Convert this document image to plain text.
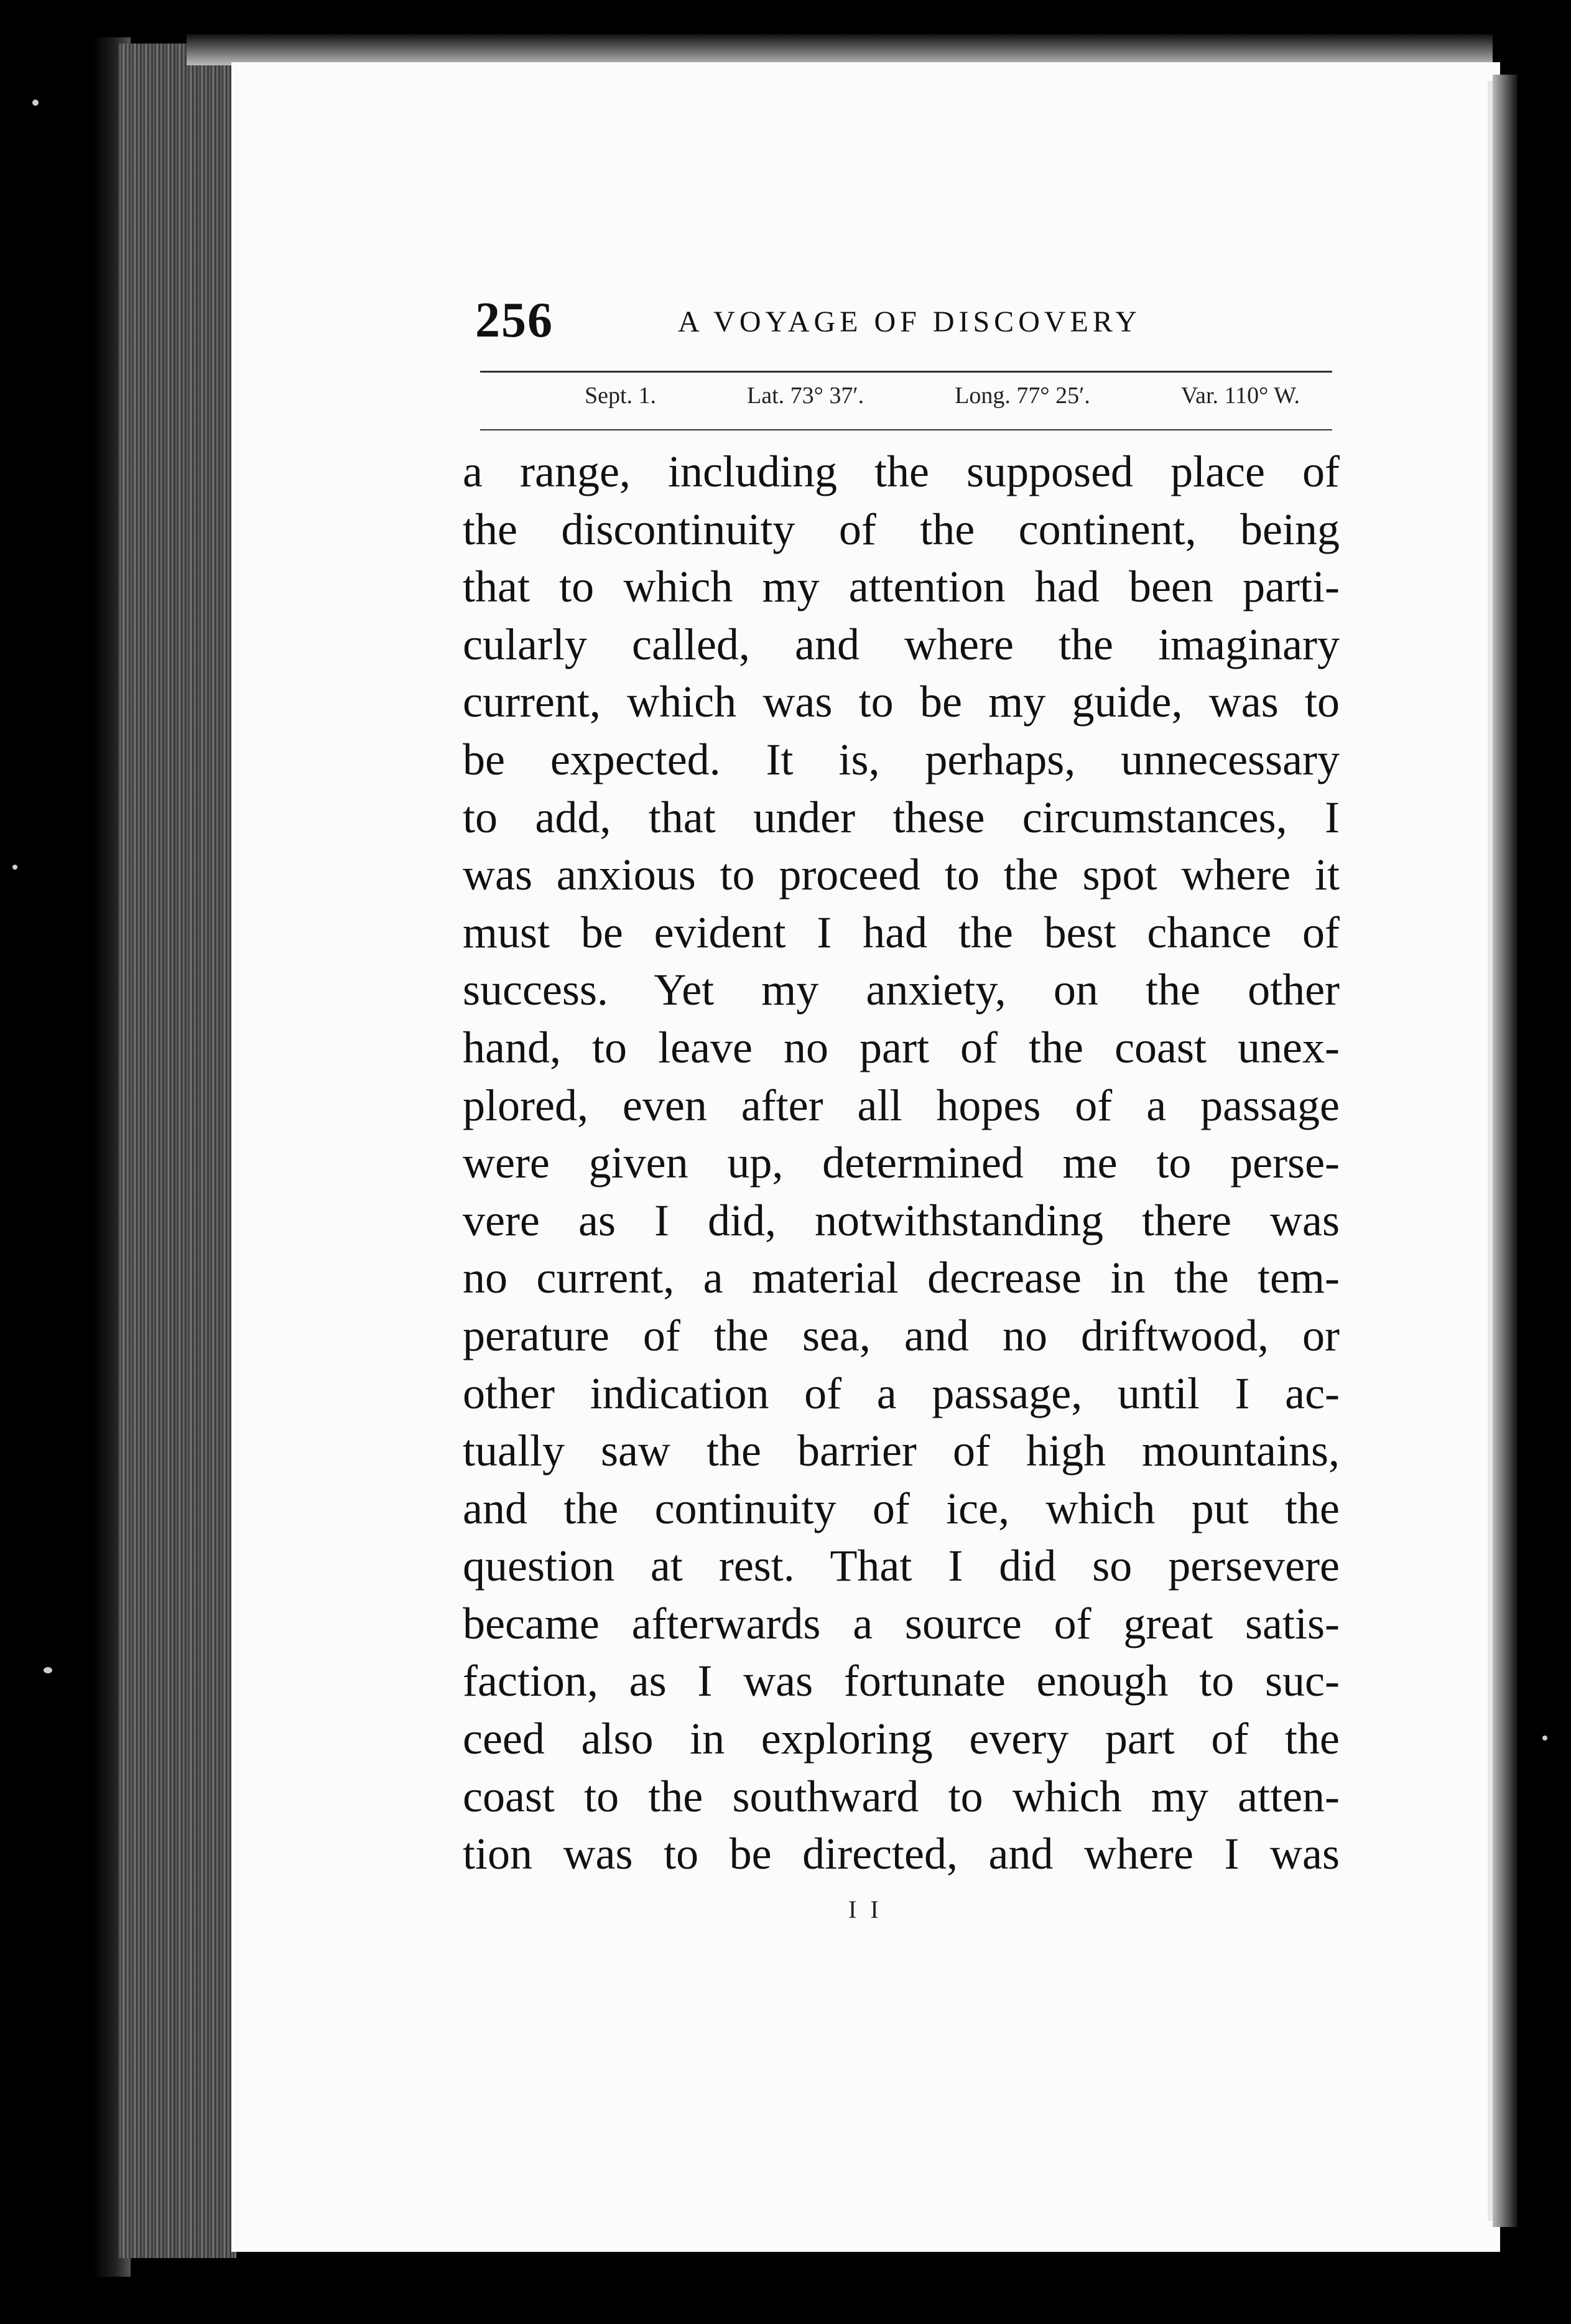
256	A VOYAGE OF DISCOVERY
Sept. 1.	Lat. 73° 37′.	Long. 77° 25′.	Var. 110° W.
a range, including the supposed place of
the discontinuity of the continent, being
that to which my attention had been parti-
cularly called, and where the imaginary
current, which was to be my guide, was to
be expected. It is, perhaps, unnecessary
to add, that under these circumstances, I
was anxious to proceed to the spot where it
must be evident I had the best chance of
success. Yet my anxiety, on the other
hand, to leave no part of the coast unex-
plored, even after all hopes of a passage
were given up, determined me to perse-
vere as I did, notwithstanding there was
no current, a material decrease in the tem-
perature of the sea, and no driftwood, or
other indication of a passage, until I ac-
tually saw the barrier of high mountains,
and the continuity of ice, which put the
question at rest. That I did so persevere
became afterwards a source of great satis-
faction, as I was fortunate enough to suc-
ceed also in exploring every part of the
coast to the southward to which my atten-
tion was to be directed, and where I was
I I
